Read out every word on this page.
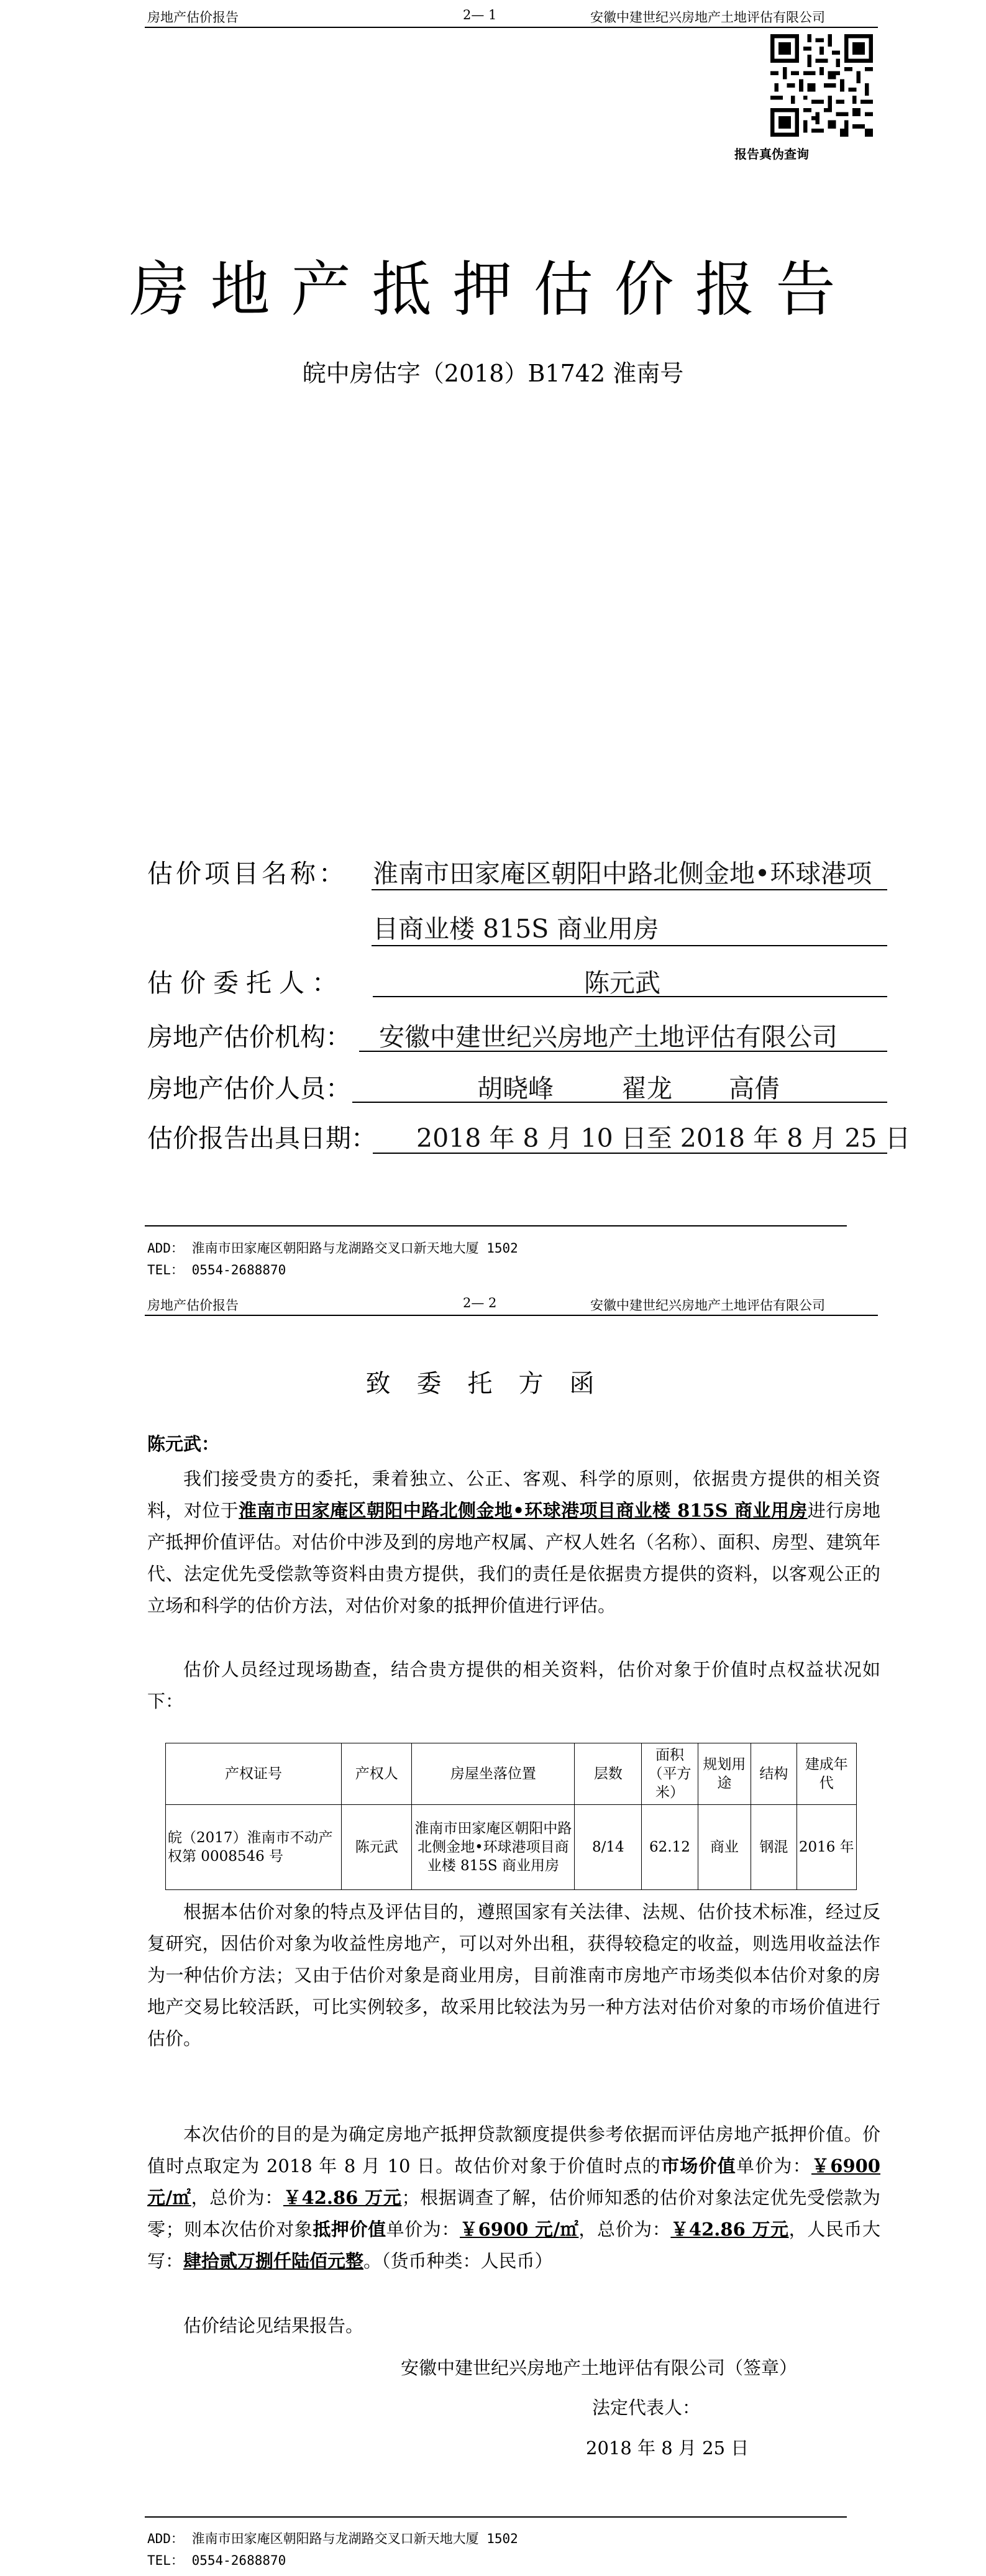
房地产估价报告	2— 1	安徽中建世纪兴房地产土地评估有限公司
报告真伪查询
房地产抵押估价报告
皖中房估字（2018）B1742 淮南号
估价项目名称： 淮南市田家庵区朝阳中路北侧金地•环球港项
目商业楼 815S 商业用房
估价委托人：	陈元武
房地产估价机构： 安徽中建世纪兴房地产土地评估有限公司
房地产估价人员：	胡晓峰	翟龙 高倩
估价报告出具日期： 2018 年 8 月 10 日至 2018 年 8 月 25 日
ADD： 淮南市田家庵区朝阳路与龙湖路交叉口新天地大厦 1502
TEL： 0554-2688870
房地产估价报告	2— 2	安徽中建世纪兴房地产土地评估有限公司
致委托方函
陈元武：
我们接受贵方的委托，秉着独立、公正、客观、科学的原则，依据贵方提供的相关资料，对位于淮南市田家庵区朝阳中路北侧金地•环球港项目商业楼 815S 商业用房进行房地产抵押价值评估。对估价中涉及到的房地产权属、产权人姓名（名称）、面积、房型、建筑年代、法定优先受偿款等资料由贵方提供，我们的责任是依据贵方提供的资料，以客观公正的立场和科学的估价方法，对估价对象的抵押价值进行评估。
估价人员经过现场勘查，结合贵方提供的相关资料，估价对象于价值时点权益状况如下：
产权证号	产权人	房屋坐落位置	层数	面积（平方米）	规划用途	结构	建成年代
皖（2017）淮南市不动产权第 0008546 号	陈元武	淮南市田家庵区朝阳中路北侧金地•环球港项目商业楼 815S 商业用房	8/14	62.12	商业	钢混	2016 年
根据本估价对象的特点及评估目的，遵照国家有关法律、法规、估价技术标准，经过反复研究，因估价对象为收益性房地产，可以对外出租，获得较稳定的收益，则选用收益法作为一种估价方法；又由于估价对象是商业用房，目前淮南市房地产市场类似本估价对象的房地产交易比较活跃，可比实例较多，故采用比较法为另一种方法对估价对象的市场价值进行估价。
本次估价的目的是为确定房地产抵押贷款额度提供参考依据而评估房地产抵押价值。价值时点取定为 2018 年 8 月 10 日。故估价对象于价值时点的市场价值单价为：￥6900 元/㎡，总价为：￥42.86 万元；根据调查了解，估价师知悉的估价对象法定优先受偿款为零；则本次估价对象抵押价值单价为：￥6900 元/㎡，总价为：￥42.86 万元，人民币大写：肆拾贰万捌仟陆佰元整。（货币种类：人民币）
估价结论见结果报告。
安徽中建世纪兴房地产土地评估有限公司（签章）
法定代表人：
2018 年 8 月 25 日
ADD： 淮南市田家庵区朝阳路与龙湖路交叉口新天地大厦 1502
TEL： 0554-2688870
